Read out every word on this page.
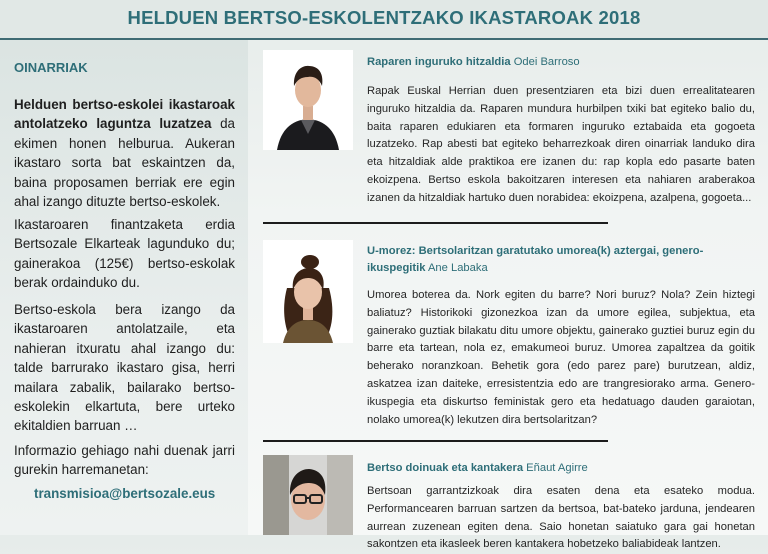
HELDUEN BERTSO-ESKOLENTZAKO IKASTAROAK 2018
OINARRIAK
Helduen bertso-eskolei ikastaroak antolatzeko laguntza luzatzea da ekimen honen helburua. Aukeran ikastaro sorta bat eskaintzen da, baina proposamen berriak ere egin ahal izango dituzte bertso-eskolek.
Ikastaroaren finantzaketa erdia Bertsozale Elkarteak lagunduko du; gainerakoa (125€) bertso-eskolak berak ordainduko du.
Bertso-eskola bera izango da ikastaroaren antolatzaile, eta nahieran itxuratu ahal izango du: talde barrurako ikastaro gisa, herri mailara zabalik, bailarako bertso-eskolekin elkartuta, bere urteko ekitaldien barruan …
Informazio gehiago nahi duenak jarri gurekin harremanetan:
transmisioa@bertsozale.eus
Raparen inguruko hitzaldia Odei Barroso
Rapak Euskal Herrian duen presentziaren eta bizi duen errealitatearen inguruko hitzaldia da. Raparen mundura hurbilpen txiki bat egiteko balio du, baita raparen edukiaren eta formaren inguruko eztabaida eta gogoeta luzatzeko. Rap abesti bat egiteko beharrezkoak diren oinarriak landuko dira eta hitzaldiak alde praktikoa ere izanen du: rap kopla edo pasarte baten ekoizpena. Bertso eskola bakoitzaren interesen eta nahiaren araberakoa izanen da hitzaldiak hartuko duen norabidea: ekoizpena, azalpena, gogoeta...
U-morez: Bertsolaritzan garatutako umorea(k) aztergai, genero-ikuspegitik Ane Labaka
Umorea boterea da. Nork egiten du barre? Nori buruz? Nola? Zein hiztegi baliatuz? Historikoki gizonezkoa izan da umore egilea, subjektua, eta gainerako guztiak bilakatu ditu umore objektu, gainerako guztiei buruz egin du barre eta tartean, nola ez, emakumeoi buruz. Umorea zapaltzea da goitik beherako noranzkoan. Behetik gora (edo parez pare) burutzean, aldiz, askatzea izan daiteke, erresistentzia edo are trangresiorako arma. Genero-ikuspegia eta diskurtso feministak gero eta hedatuago dauden garaiotan, nolako umorea(k) lekutzen dira bertsolaritzan?
Bertso doinuak eta kantakera Eñaut Agirre
Bertsoan garrantzizkoak dira esaten dena eta esateko modua. Performancearen barruan sartzen da bertsoa, bat-bateko jarduna, jendearen aurrean zuzenean egiten dena. Saio honetan saiatuko gara gai honetan sakontzen eta ikasleek beren kantakera hobetzeko baliabideak lantzen.
